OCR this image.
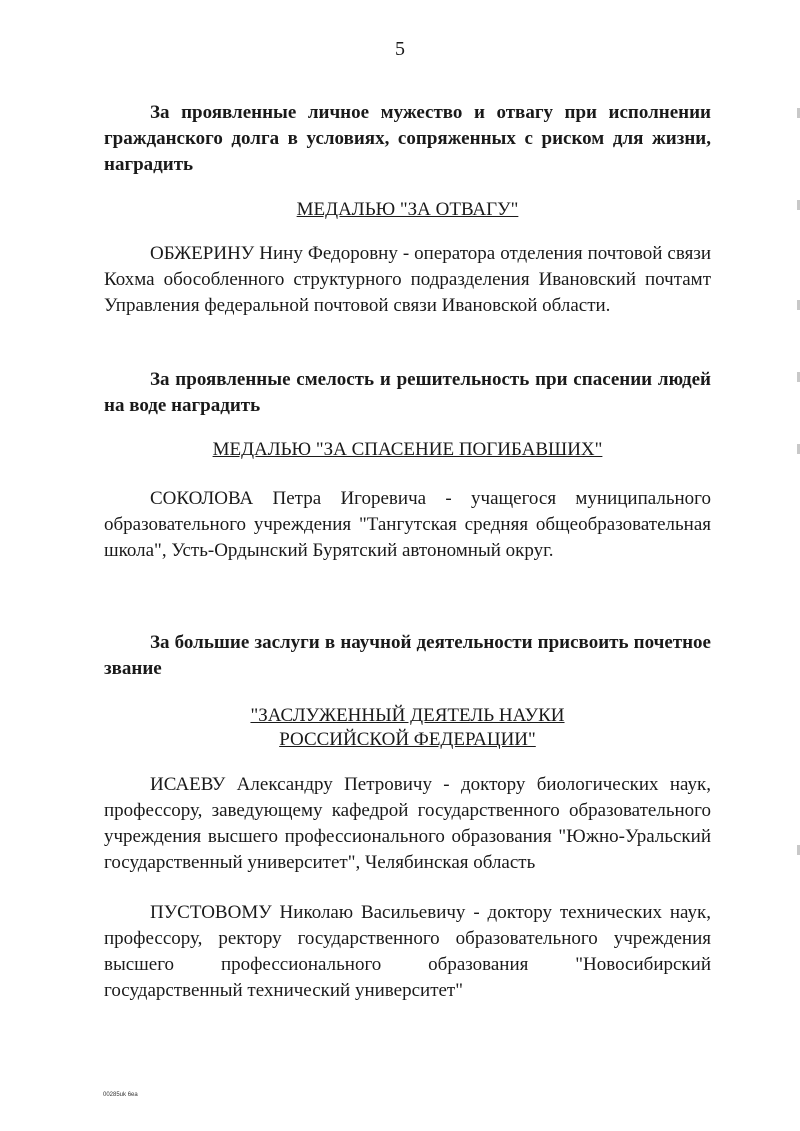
5
За проявленные личное мужество и отвагу при исполнении гражданского долга в условиях, сопряженных с риском для жизни, наградить
МЕДАЛЬЮ "ЗА ОТВАГУ"
ОБЖЕРИНУ Нину Федоровну - оператора отделения почтовой связи Кохма обособленного структурного подразделения Ивановский почтамт Управления федеральной почтовой связи Ивановской области.
За проявленные смелость и решительность при спасении людей на воде наградить
МЕДАЛЬЮ "ЗА СПАСЕНИЕ ПОГИБАВШИХ"
СОКОЛОВА Петра Игоревича - учащегося муниципального образовательного учреждения "Тангутская средняя общеобразовательная школа", Усть-Ордынский Бурятский автономный округ.
За большие заслуги в научной деятельности присвоить почетное звание
"ЗАСЛУЖЕННЫЙ ДЕЯТЕЛЬ НАУКИ
РОССИЙСКОЙ ФЕДЕРАЦИИ"
ИСАЕВУ Александру Петровичу - доктору биологических наук, профессору, заведующему кафедрой государственного образовательного учреждения высшего профессионального образования "Южно-Уральский государственный университет", Челябинская область
ПУСТОВОМУ Николаю Васильевичу - доктору технических наук, профессору, ректору государственного образовательного учреждения высшего профессионального образования "Новосибирский государственный технический университет"
00285uk 6ea
